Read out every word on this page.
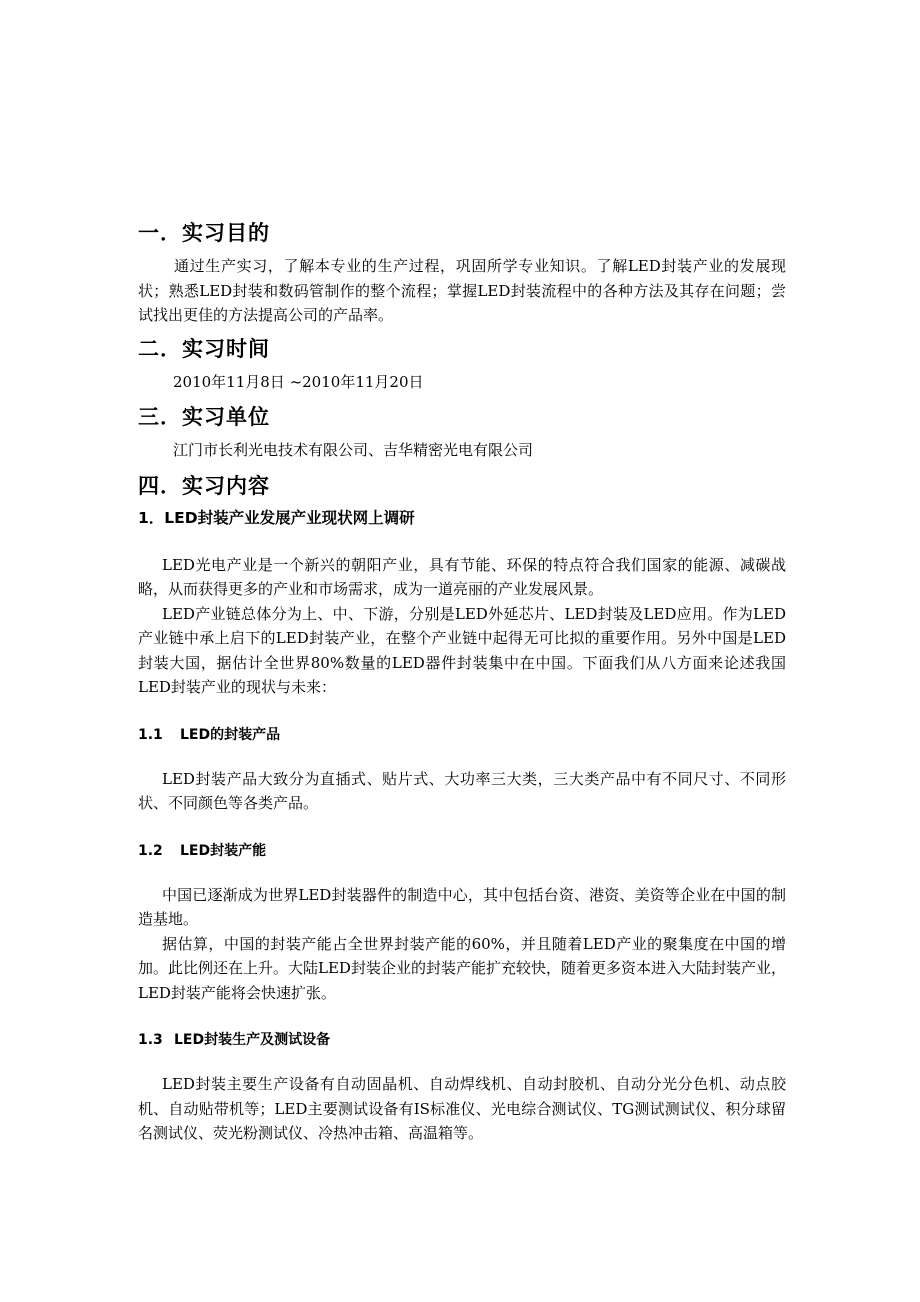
一．实习目的

通过生产实习，了解本专业的生产过程，巩固所学专业知识。了解LED封装产业的发展现状；熟悉LED封装和数码管制作的整个流程；掌握LED封装流程中的各种方法及其存在问题；尝试找出更佳的方法提高公司的产品率。

二．实习时间

2010年11月8日 ~2010年11月20日

三．实习单位

江门市长利光电技术有限公司、吉华精密光电有限公司

四．实习内容
1．LED封装产业发展产业现状网上调研

LED光电产业是一个新兴的朝阳产业，具有节能、环保的特点符合我们国家的能源、减碳战略，从而获得更多的产业和市场需求，成为一道亮丽的产业发展风景。

LED产业链总体分为上、中、下游，分别是LED外延芯片、LED封装及LED应用。作为LED产业链中承上启下的LED封装产业，在整个产业链中起得无可比拟的重要作用。另外中国是LED封装大国，据估计全世界80%数量的LED器件封装集中在中国。下面我们从八方面来论述我国LED封装产业的现状与未来：

1.1 LED的封装产品

LED封装产品大致分为直插式、贴片式、大功率三大类，三大类产品中有不同尺寸、不同形状、不同颜色等各类产品。

1.2 LED封装产能

中国已逐渐成为世界LED封装器件的制造中心，其中包括台资、港资、美资等企业在中国的制造基地。

据估算，中国的封装产能占全世界封装产能的60%，并且随着LED产业的聚集度在中国的增加。此比例还在上升。大陆LED封装企业的封装产能扩充较快，随着更多资本进入大陆封装产业，LED封装产能将会快速扩张。

1.3 LED封装生产及测试设备

LED封装主要生产设备有自动固晶机、自动焊线机、自动封胶机、自动分光分色机、动点胶机、自动贴带机等；LED主要测试设备有IS标准仪、光电综合测试仪、TG测试测试仪、积分球留名测试仪、荧光粉测试仪、冷热冲击箱、高温箱等。
